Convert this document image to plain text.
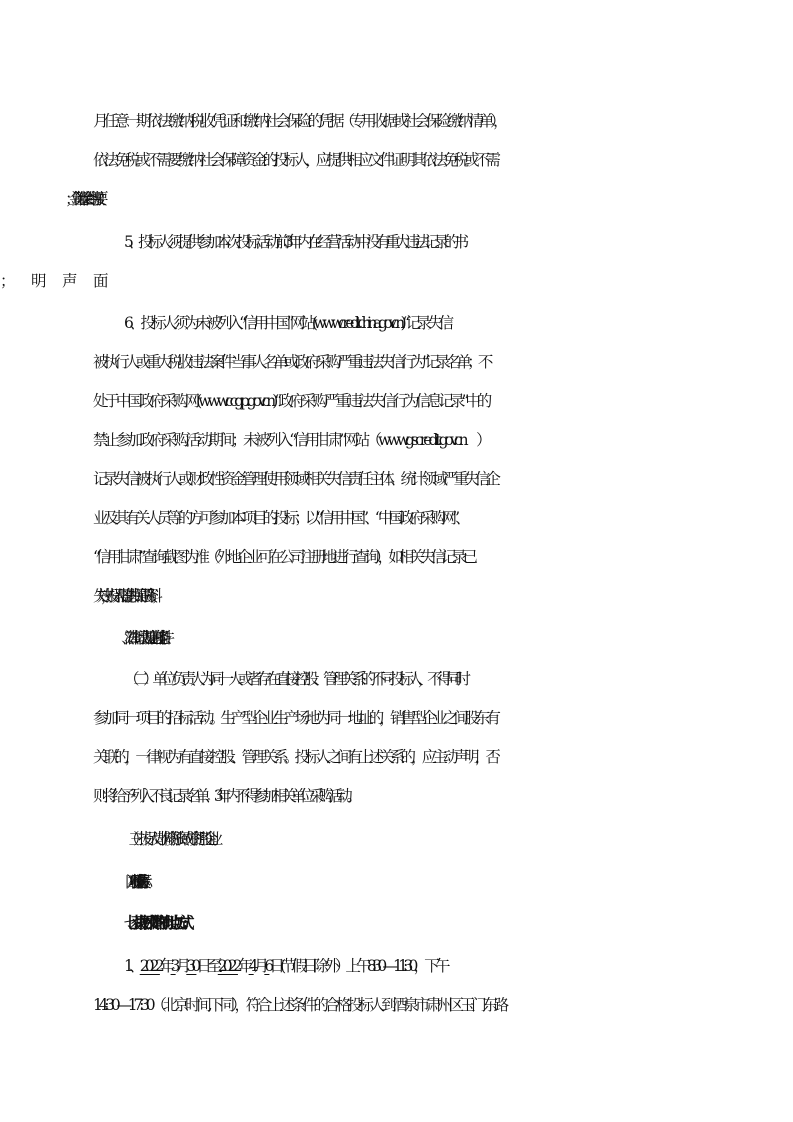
月任意一期依法缴纳税收凭证和缴纳社会保险的凭据（专用收据或社会保险缴纳清单），
依法免税或不需要缴纳社会保障资金的投标人，应提供相应文件证明其依法免税或不需
5、投标人须提供参加本次投标活动前 3 年内在经营活动中没有重大违法记录的书
6、投标人须为未被列入“信用中国”网站(www.creditchina.gov.cn)“记录失信
被执行人或重大税收违法案件当事人名单或政府采购严重违法失信行为”记录名单；不
处于中国政府采购网(www.ccgp.gov.cn)“政府采购严重违法失信行为信息记录”中的
禁止参加政府采购活动期间；未被列入“信用甘肃”网站（www.gscredit.gov.cn　）
记录失信被执行人或财政性资金管理使用领域相关失信责任主体、统计领域严重失信企
业及其有关人员等的方可参加本项目的投标；以“信用中国”、“中国政府采购网”、
“信用甘肃”查询截图为准（外地企业可在公司注册地进行查询），如相关失信记录已
失效，投标人需提供相关证明资料；
7、法律、行政法规规定的其他条件。
（二）单位负责人为同一人或者存在直接控股、管理关系的不同投标人，不得同时
参加同一项目的招标活动。生产型企业生产场地为同一地址的，销售型企业之间股东有
关联的，一律视为有直接控股、管理关系。投标人之间有上述关系的，应主动声明，否
则将给予列入不良记录名单、3 年内不得参加相关单位采购活动。
（三）投标人为非外资独资或外资控股企业。
（四）本项目不接受联合体投标。
七、获取招标文件的时间、地点、方式:
1、2022年3月30日至2022年4月6日(节假日除外）上午 8:30—11:30，下午
14:30—17:30（北京时间,下同），符合上述条件的合格投标人到酒泉市肃州区玉门东路
